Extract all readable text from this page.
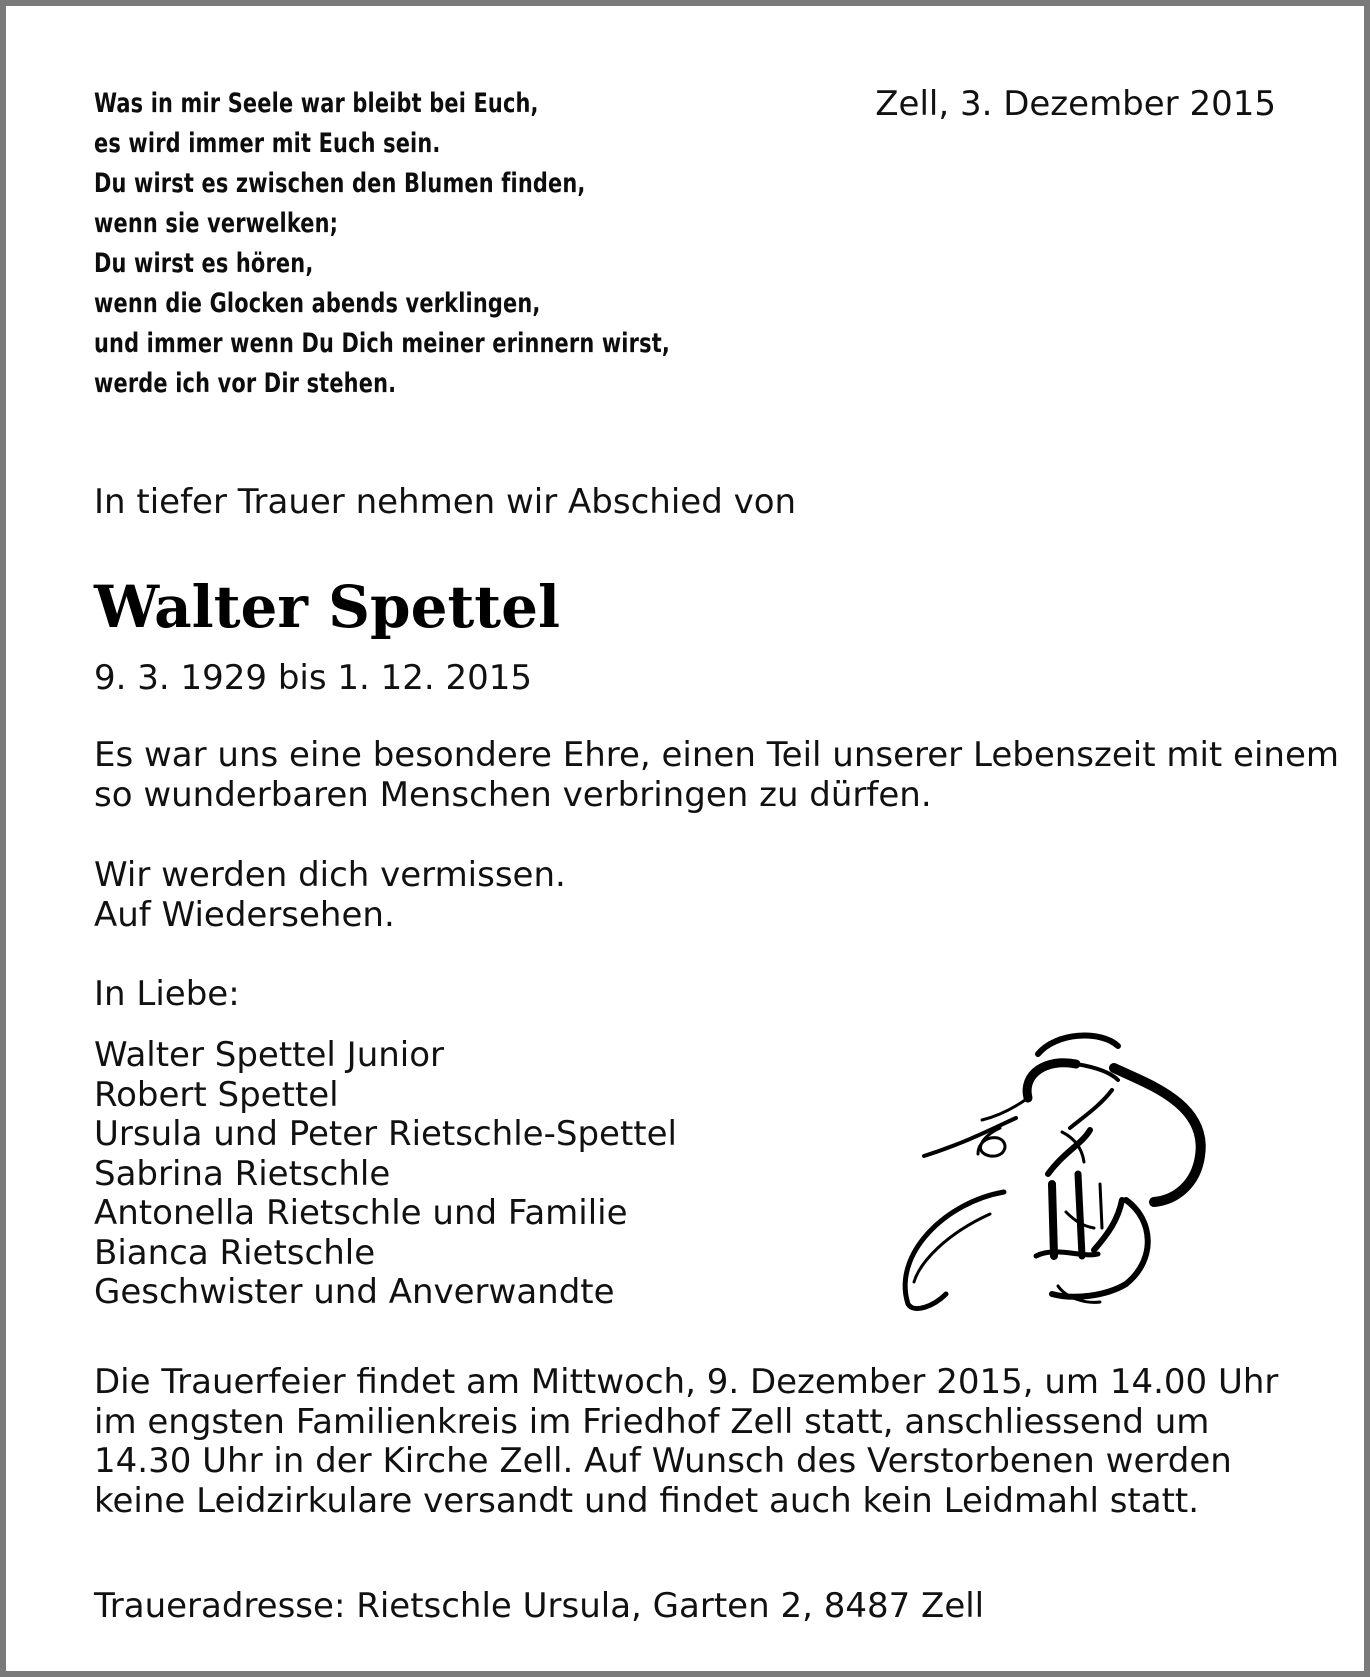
Was in mir Seele war bleibt bei Euch,
es wird immer mit Euch sein.
Du wirst es zwischen den Blumen finden,
wenn sie verwelken;
Du wirst es hören,
wenn die Glocken abends verklingen,
und immer wenn Du Dich meiner erinnern wirst,
werde ich vor Dir stehen.
Zell, 3. Dezember 2015
In tiefer Trauer nehmen wir Abschied von
Walter Spettel
9. 3. 1929 bis 1. 12. 2015

Es war uns eine besondere Ehre, einen Teil unserer Lebenszeit mit einem so wunderbaren Menschen verbringen zu dürfen.

Wir werden dich vermissen.
Auf Wiedersehen.
In Liebe:
Walter Spettel Junior
Robert Spettel
Ursula und Peter Rietschle-Spettel
Sabrina Rietschle
Antonella Rietschle und Familie
Bianca Rietschle
Geschwister und Anverwandte

Die Trauerfeier findet am Mittwoch, 9. Dezember 2015, um 14.00 Uhr im engsten Familienkreis im Friedhof Zell statt, anschliessend um 14.30 Uhr in der Kirche Zell. Auf Wunsch des Verstorbenen werden keine Leidzirkulare versandt und findet auch kein Leidmahl statt.

Traueradresse: Rietschle Ursula, Garten 2, 8487 Zell
